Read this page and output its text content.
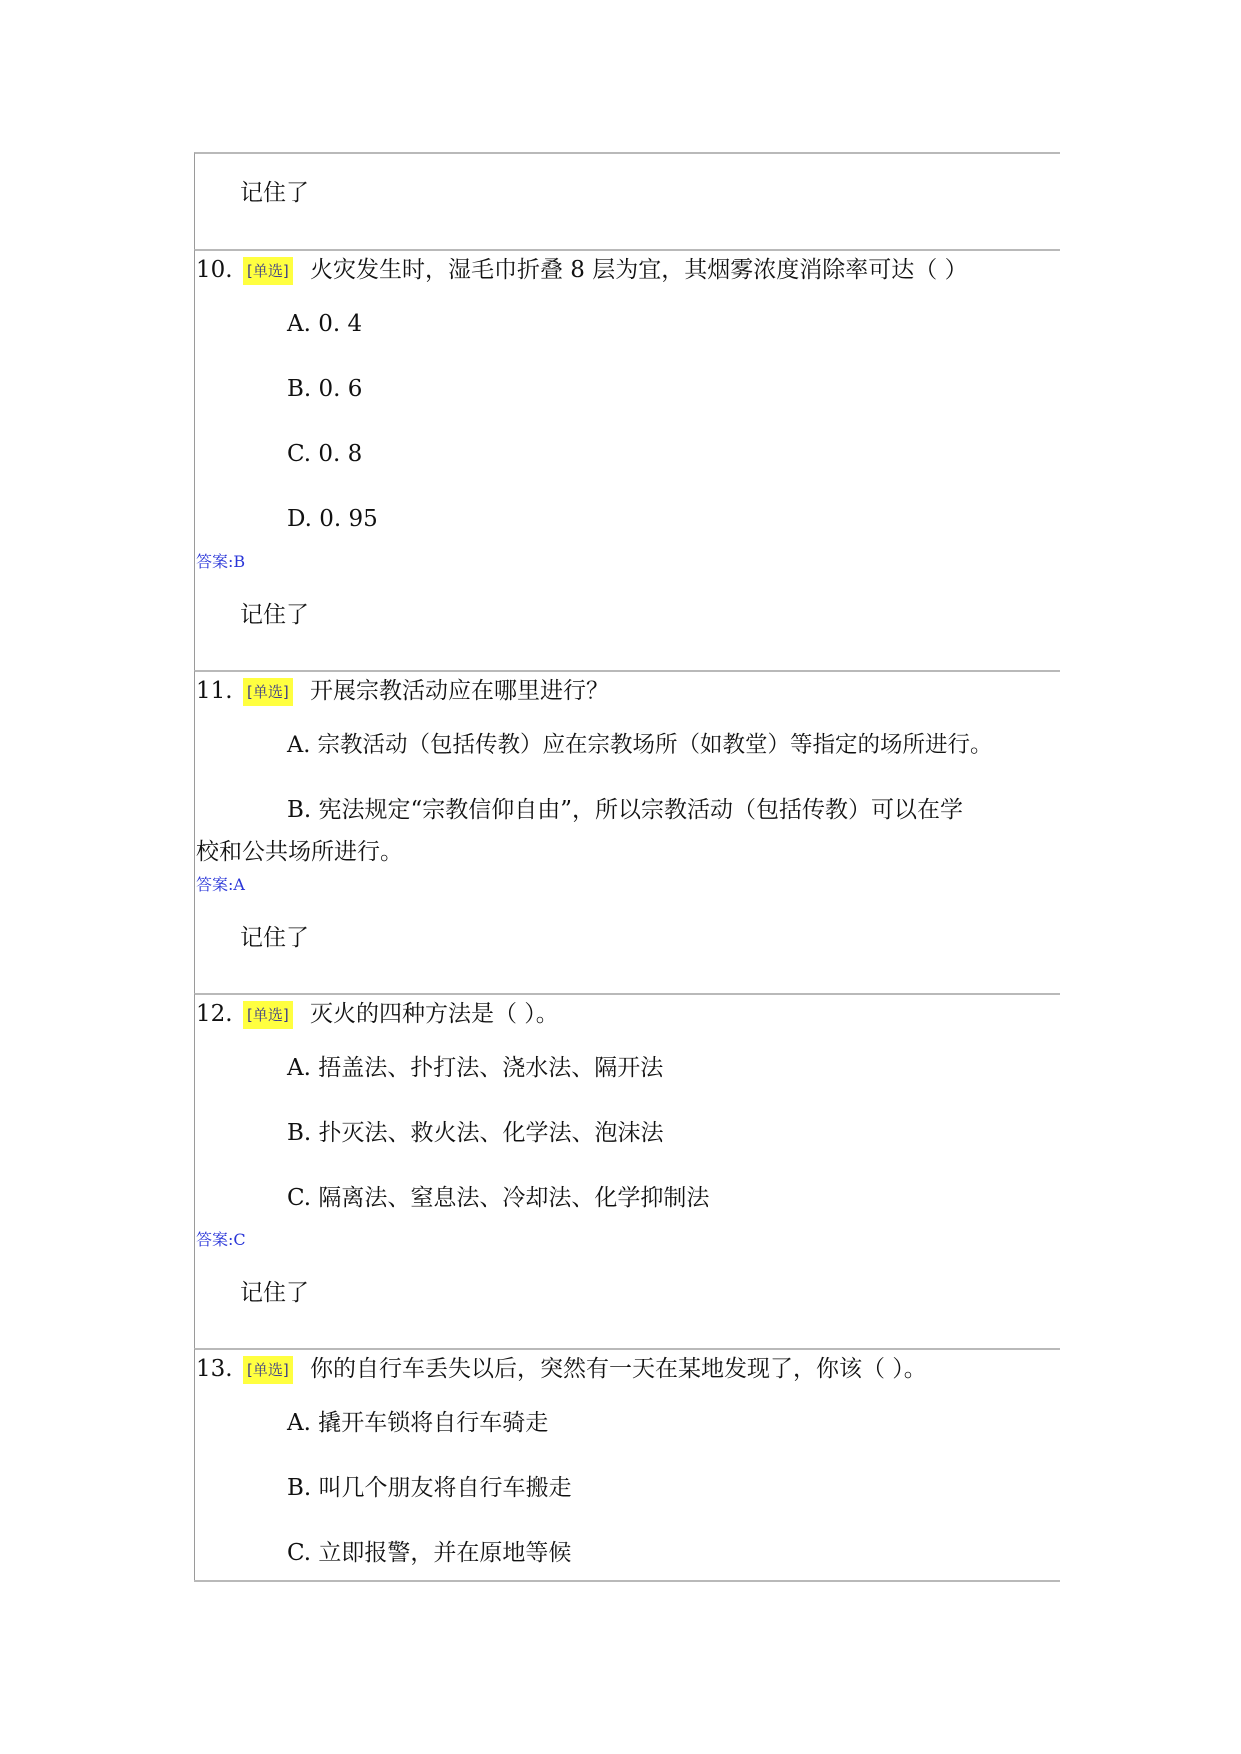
记住了
10. [单选] 火灾发生时，湿毛巾折叠 8 层为宜，其烟雾浓度消除率可达（ ）
A. 0. 4
B. 0. 6
C. 0. 8
D. 0. 95
答案:B
记住了
11. [单选] 开展宗教活动应在哪里进行？
A. 宗教活动（包括传教）应在宗教场所（如教堂）等指定的场所进行。
B. 宪法规定“宗教信仰自由”，所以宗教活动（包括传教）可以在学
校和公共场所进行。
答案:A
记住了
12. [单选] 灭火的四种方法是（ ）。
A. 捂盖法、扑打法、浇水法、隔开法
B. 扑灭法、救火法、化学法、泡沫法
C. 隔离法、窒息法、冷却法、化学抑制法
答案:C
记住了
13. [单选] 你的自行车丢失以后，突然有一天在某地发现了，你该（ ）。
A. 撬开车锁将自行车骑走
B. 叫几个朋友将自行车搬走
C. 立即报警，并在原地等候
